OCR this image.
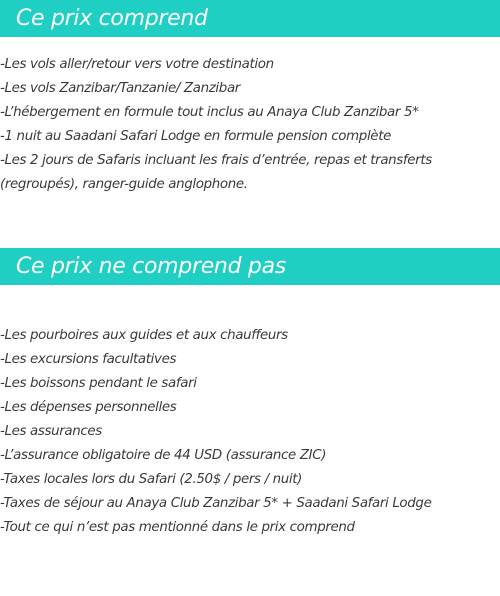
Ce prix comprend
-Les vols aller/retour vers votre destination
-Les vols Zanzibar/Tanzanie/ Zanzibar
-L’hébergement en formule tout inclus au Anaya Club Zanzibar 5*
-1 nuit au Saadani Safari Lodge en formule pension complète
-Les 2 jours de Safaris incluant les frais d’entrée, repas et transferts (regroupés), ranger-guide anglophone.
Ce prix ne comprend pas
-Les pourboires aux guides et aux chauffeurs
-Les excursions facultatives
-Les boissons pendant le safari
-Les dépenses personnelles
-Les assurances
-L’assurance obligatoire de 44 USD (assurance ZIC)
-Taxes locales lors du Safari (2.50$ / pers / nuit)
-Taxes de séjour au Anaya Club Zanzibar 5* + Saadani Safari Lodge
-Tout ce qui n’est pas mentionné dans le prix comprend
